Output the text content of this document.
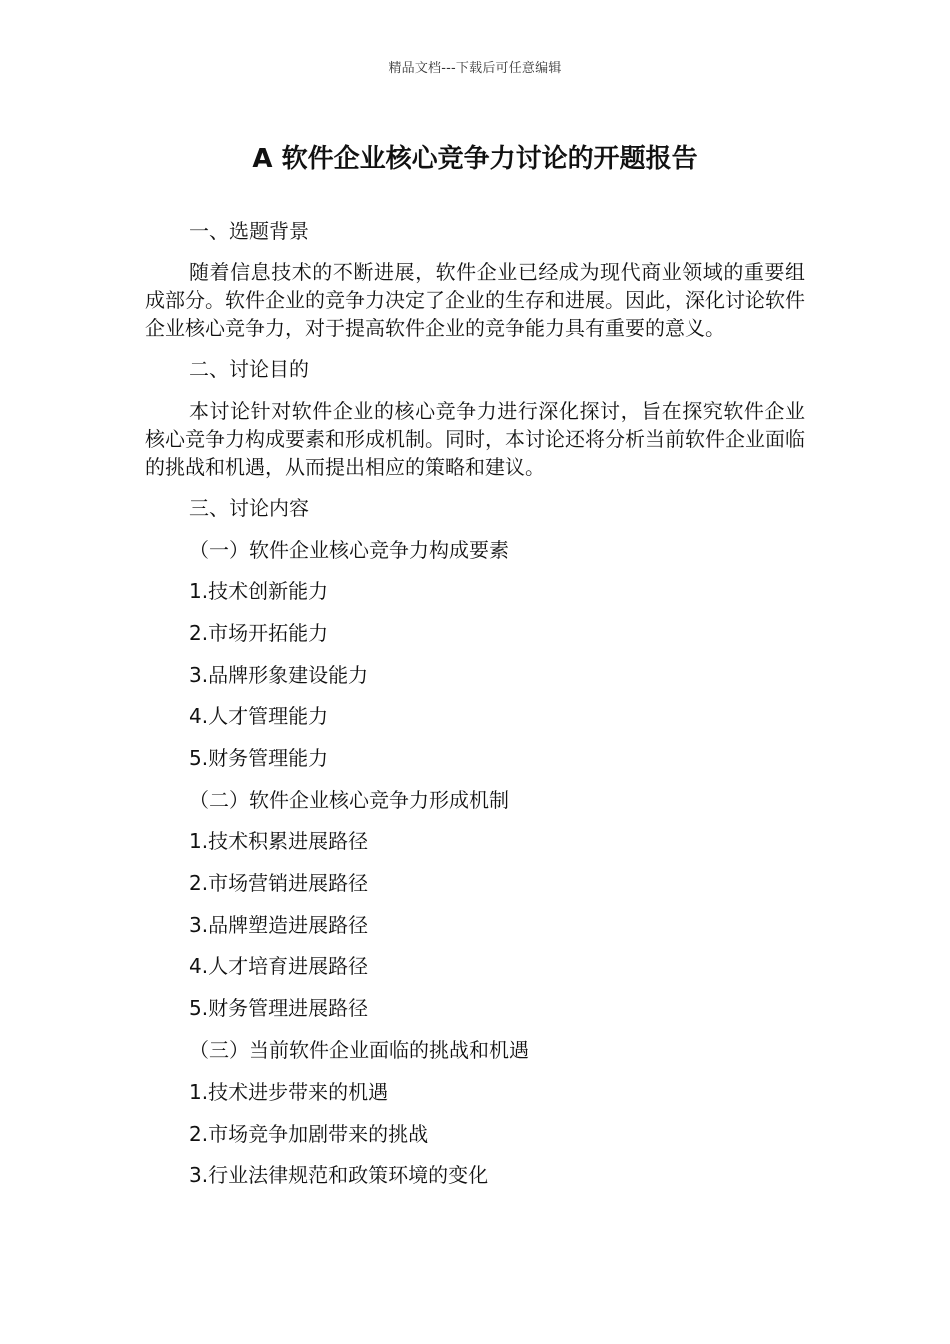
精品文档---下载后可任意编辑
A 软件企业核心竞争力讨论的开题报告
一、选题背景
随着信息技术的不断进展，软件企业已经成为现代商业领域的重要组成部分。软件企业的竞争力决定了企业的生存和进展。因此，深化讨论软件企业核心竞争力，对于提高软件企业的竞争能力具有重要的意义。
二、讨论目的
本讨论针对软件企业的核心竞争力进行深化探讨，旨在探究软件企业核心竞争力构成要素和形成机制。同时，本讨论还将分析当前软件企业面临的挑战和机遇，从而提出相应的策略和建议。
三、讨论内容
（一）软件企业核心竞争力构成要素
1.技术创新能力
2.市场开拓能力
3.品牌形象建设能力
4.人才管理能力
5.财务管理能力
（二）软件企业核心竞争力形成机制
1.技术积累进展路径
2.市场营销进展路径
3.品牌塑造进展路径
4.人才培育进展路径
5.财务管理进展路径
（三）当前软件企业面临的挑战和机遇
1.技术进步带来的机遇
2.市场竞争加剧带来的挑战
3.行业法律规范和政策环境的变化
